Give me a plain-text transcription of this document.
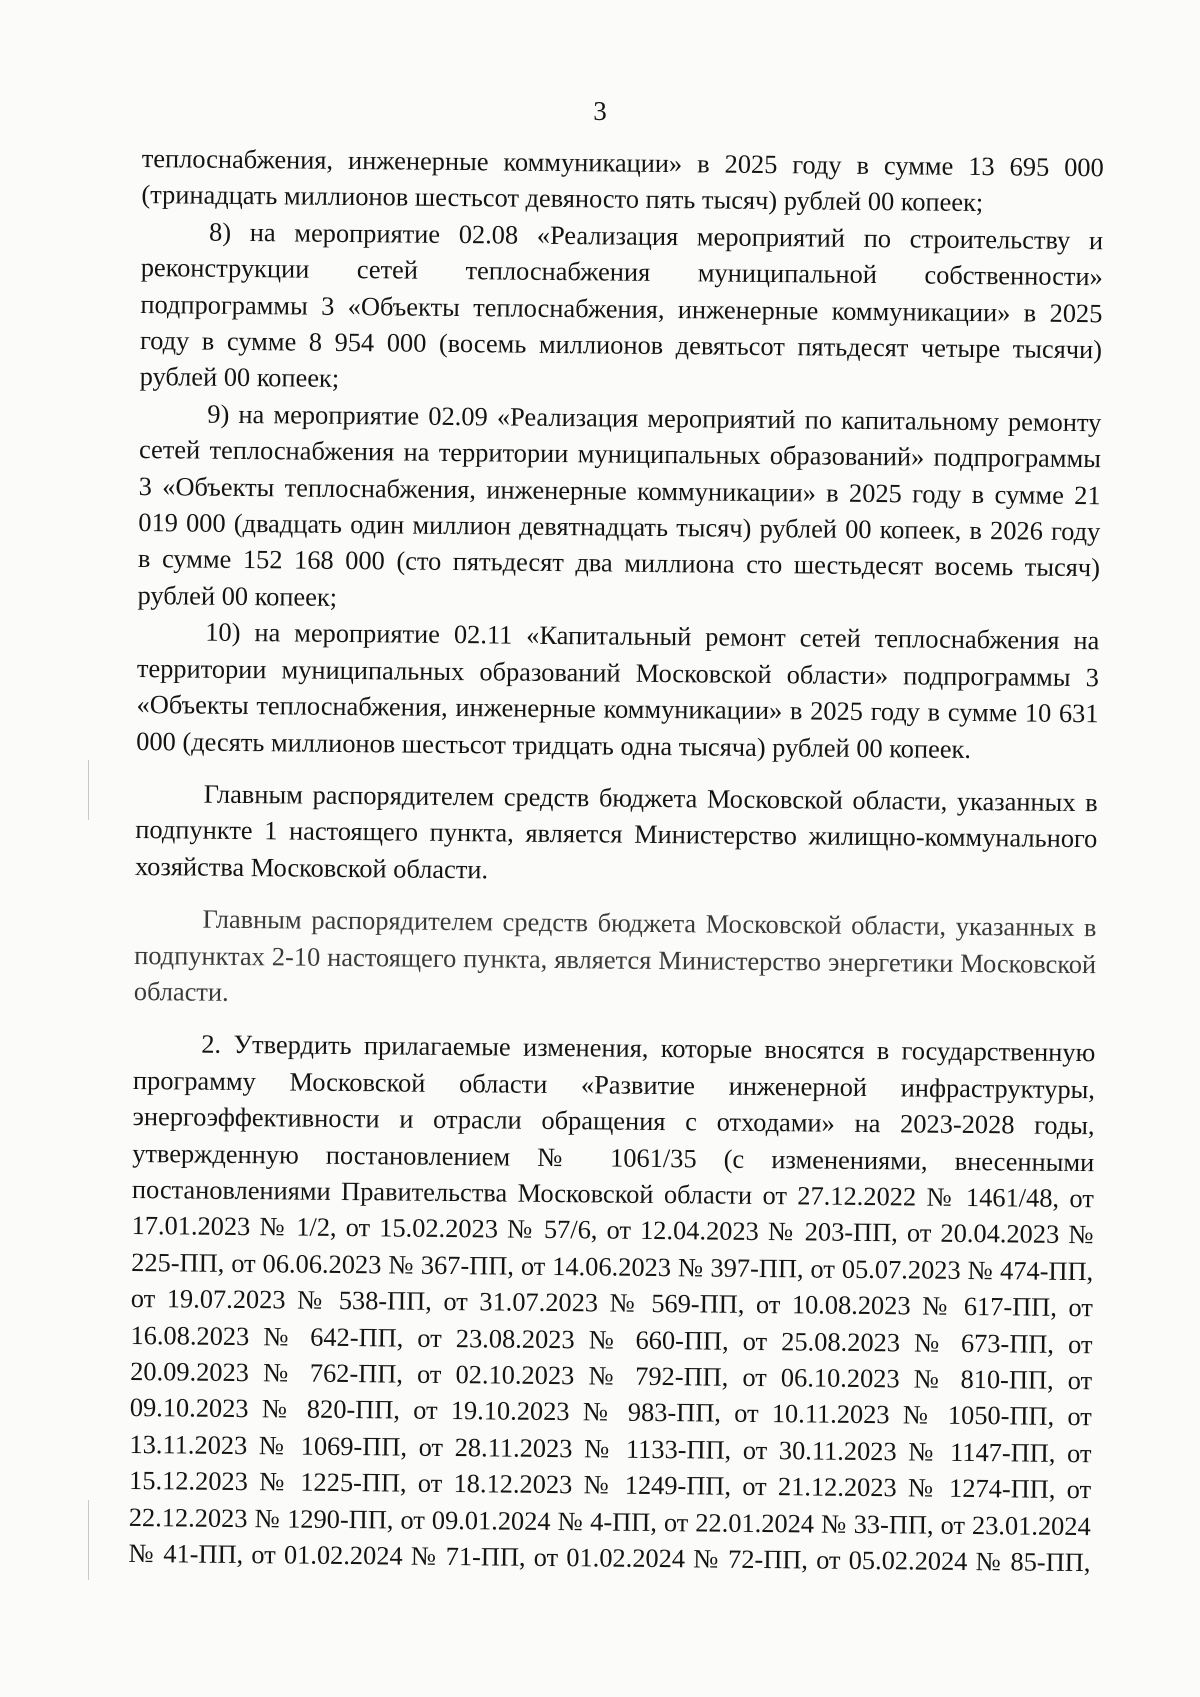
3

теплоснабжения, инженерные коммуникации» в 2025 году в сумме 13 695 000 (тринадцать миллионов шестьсот девяносто пять тысяч) рублей 00 копеек;

8) на мероприятие 02.08 «Реализация мероприятий по строительству и реконструкции сетей теплоснабжения муниципальной собственности» подпрограммы 3 «Объекты теплоснабжения, инженерные коммуникации» в 2025 году в сумме 8 954 000 (восемь миллионов девятьсот пятьдесят четыре тысячи) рублей 00 копеек;

9) на мероприятие 02.09 «Реализация мероприятий по капитальному ремонту сетей теплоснабжения на территории муниципальных образований» подпрограммы 3 «Объекты теплоснабжения, инженерные коммуникации» в 2025 году в сумме 21 019 000 (двадцать один миллион девятнадцать тысяч) рублей 00 копеек, в 2026 году в сумме 152 168 000 (сто пятьдесят два миллиона сто шестьдесят восемь тысяч) рублей 00 копеек;

10) на мероприятие 02.11 «Капитальный ремонт сетей теплоснабжения на территории муниципальных образований Московской области» подпрограммы 3 «Объекты теплоснабжения, инженерные коммуникации» в 2025 году в сумме 10 631 000 (десять миллионов шестьсот тридцать одна тысяча) рублей 00 копеек.

Главным распорядителем средств бюджета Московской области, указанных в подпункте 1 настоящего пункта, является Министерство жилищно-коммунального хозяйства Московской области.

Главным распорядителем средств бюджета Московской области, указанных в подпунктах 2-10 настоящего пункта, является Министерство энергетики Московской области.

2. Утвердить прилагаемые изменения, которые вносятся в государственную программу Московской области «Развитие инженерной инфраструктуры, энергоэффективности и отрасли обращения с отходами» на 2023-2028 годы, утвержденную постановлением № 1061/35 (с изменениями, внесенными постановлениями Правительства Московской области от 27.12.2022 № 1461/48, от 17.01.2023 № 1/2, от 15.02.2023 № 57/6, от 12.04.2023 № 203-ПП, от 20.04.2023 № 225-ПП, от 06.06.2023 № 367-ПП, от 14.06.2023 № 397-ПП, от 05.07.2023 № 474-ПП, от 19.07.2023 № 538-ПП, от 31.07.2023 № 569-ПП, от 10.08.2023 № 617-ПП, от 16.08.2023 № 642-ПП, от 23.08.2023 № 660-ПП, от 25.08.2023 № 673-ПП, от 20.09.2023 № 762-ПП, от 02.10.2023 № 792-ПП, от 06.10.2023 № 810-ПП, от 09.10.2023 № 820-ПП, от 19.10.2023 № 983-ПП, от 10.11.2023 № 1050-ПП, от 13.11.2023 № 1069-ПП, от 28.11.2023 № 1133-ПП, от 30.11.2023 № 1147-ПП, от 15.12.2023 № 1225-ПП, от 18.12.2023 № 1249-ПП, от 21.12.2023 № 1274-ПП, от 22.12.2023 № 1290-ПП, от 09.01.2024 № 4-ПП, от 22.01.2024 № 33-ПП, от 23.01.2024 № 41-ПП, от 01.02.2024 № 71-ПП, от 01.02.2024 № 72-ПП, от 05.02.2024 № 85-ПП,
